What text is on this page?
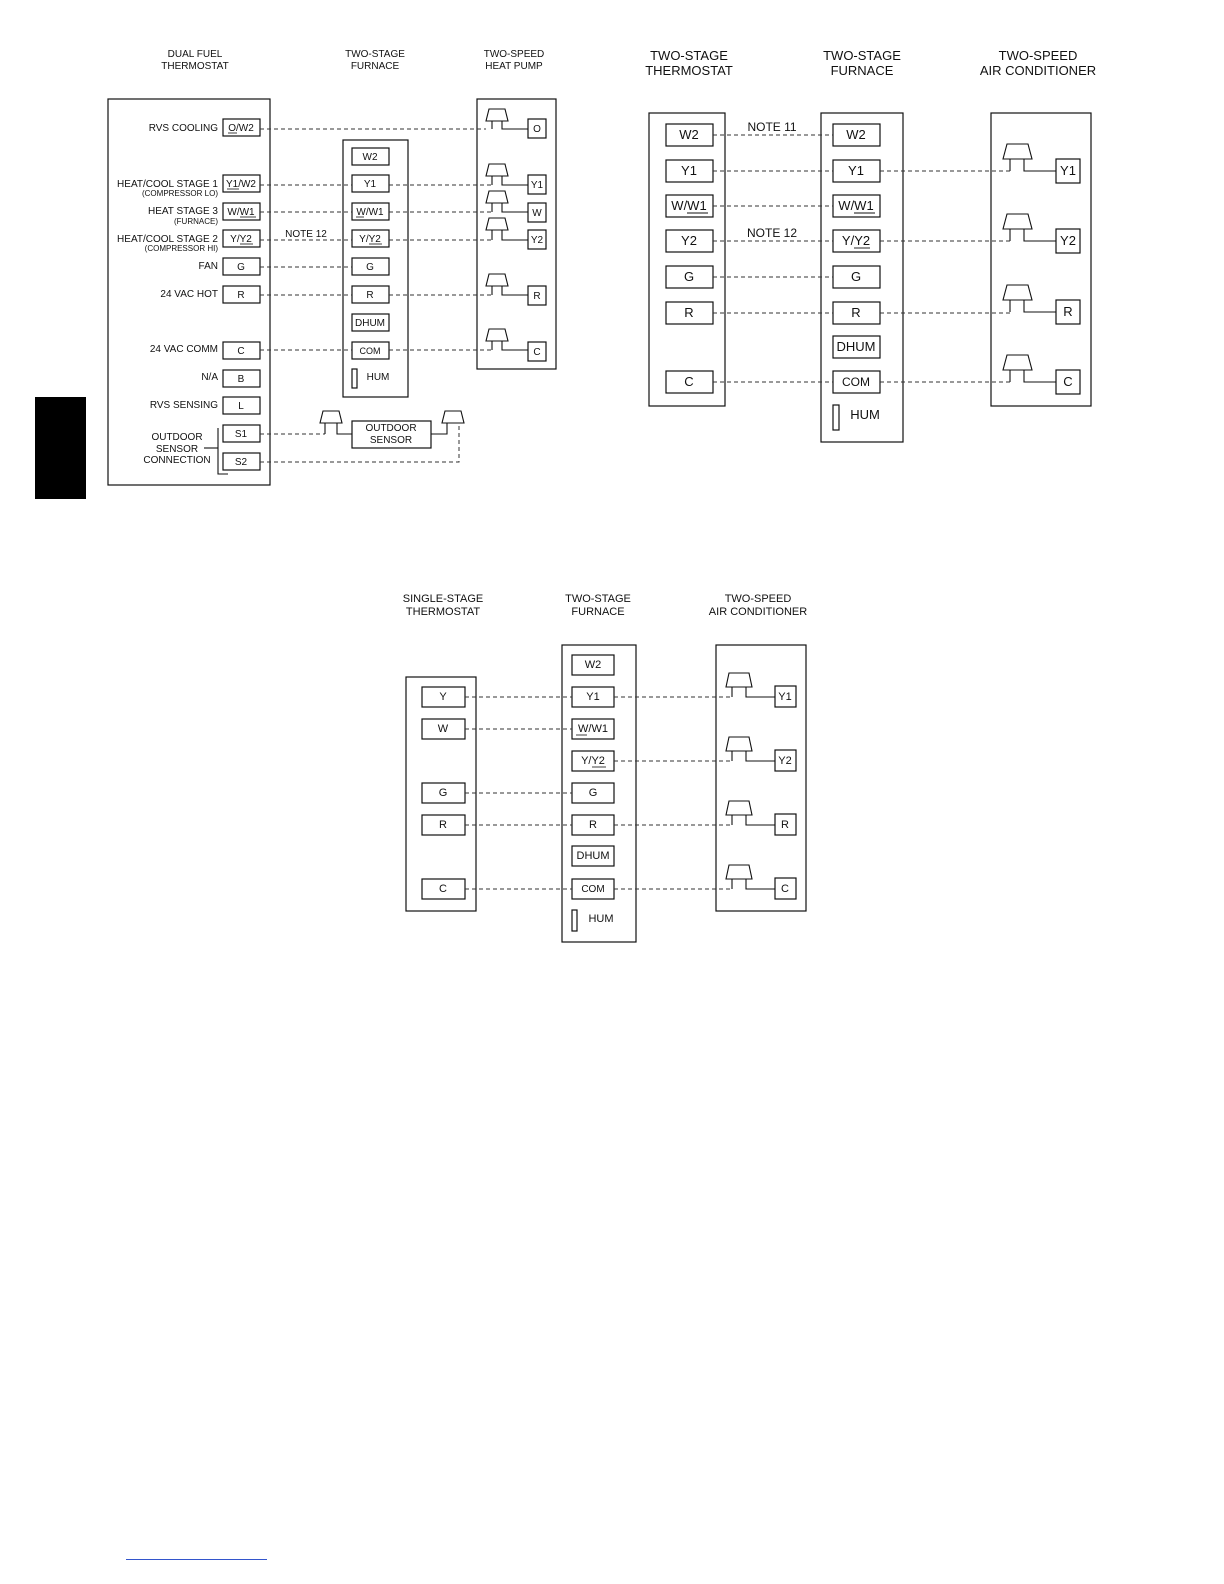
DUAL FUEL
THERMOSTAT
TWO-STAGE
FURNACE
TWO-SPEED
HEAT PUMP
RVS COOLING
HEAT/COOL STAGE 1
(COMPRESSOR LO)
HEAT STAGE 3
(FURNACE)
HEAT/COOL STAGE 2
(COMPRESSOR HI)
FAN
24 VAC HOT
24 VAC COMM
N/A
RVS SENSING
OUTDOOR
SENSOR
CONNECTION
O/W2
Y1/W2
W/W1
Y/Y2
G
R
C
B
L
S1
S2
W2
Y1
W/W1
Y/Y2
G
R
DHUM
COM
HUM
O
Y1
W
Y2
R
C
NOTE 12
OUTDOOR
SENSOR
TWO-STAGE
THERMOSTAT
TWO-STAGE
FURNACE
TWO-SPEED
AIR CONDITIONER
W2
Y1
W/W1
Y2
G
R
C
W2
Y1
W/W1
Y/Y2
G
R
DHUM
COM
HUM
Y1
Y2
R
C
NOTE 11
NOTE 12
SINGLE-STAGE
THERMOSTAT
TWO-STAGE
FURNACE
TWO-SPEED
AIR CONDITIONER
Y
W
G
R
C
W2
Y1
W/W1
Y/Y2
G
R
DHUM
COM
HUM
Y1
Y2
R
C
